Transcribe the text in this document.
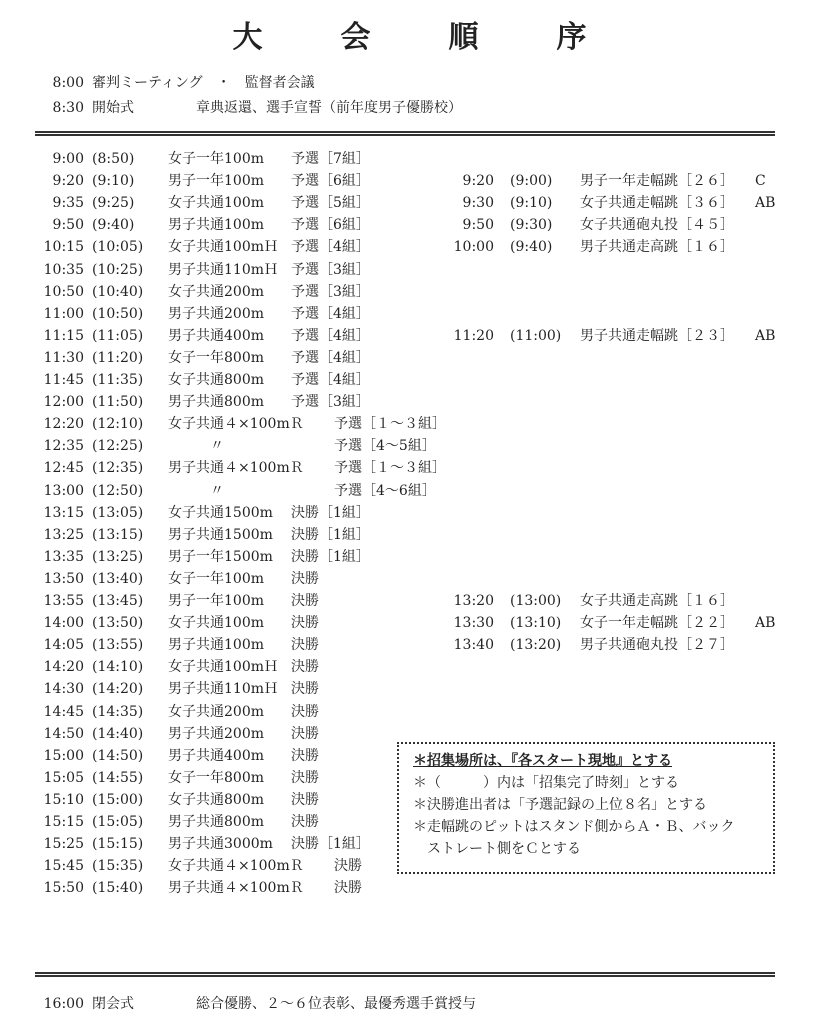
大　会　順　序
8:00 審判ミーティング　・　監督者会議
8:30 開始式	章典返還、選手宣誓（前年度男子優勝校）
9:00 (8:50) 女子一年100m 予選［7組］
9:20 (9:10) 男子一年100m 予選［6組］
9:35 (9:25) 女子共通100m 予選［5組］
9:50 (9:40) 男子共通100m 予選［6組］
10:15 (10:05) 女子共通100mＨ 予選［4組］
10:35 (10:25) 男子共通110mＨ 予選［3組］
10:50 (10:40) 女子共通200m 予選［3組］
11:00 (10:50) 男子共通200m 予選［4組］
11:15 (11:05) 男子共通400m 予選［4組］
11:30 (11:20) 女子一年800m 予選［4組］
11:45 (11:35) 女子共通800m 予選［4組］
12:00 (11:50) 男子共通800m 予選［3組］
12:20 (12:10) 女子共通４×100mＲ 予選［１～３組］
12:35 (12:25) 　　　〃	予選［4～5組］
12:45 (12:35) 男子共通４×100mＲ 予選［１～３組］
13:00 (12:50) 　　　〃	予選［4～6組］
13:15 (13:05) 女子共通1500m 決勝［1組］
13:25 (13:15) 男子共通1500m 決勝［1組］
13:35 (13:25) 男子一年1500m 決勝［1組］
13:50 (13:40) 女子一年100m 決勝
13:55 (13:45) 男子一年100m 決勝
14:00 (13:50) 女子共通100m 決勝
14:05 (13:55) 男子共通100m 決勝
14:20 (14:10) 女子共通100mＨ 決勝
14:30 (14:20) 男子共通110mＨ 決勝
14:45 (14:35) 女子共通200m 決勝
14:50 (14:40) 男子共通200m 決勝
15:00 (14:50) 男子共通400m 決勝
15:05 (14:55) 女子一年800m 決勝
15:10 (15:00) 女子共通800m 決勝
15:15 (15:05) 男子共通800m 決勝
15:25 (15:15) 男子共通3000m 決勝［1組］
15:45 (15:35) 女子共通４×100mＲ 決勝
15:50 (15:40) 男子共通４×100mＲ 決勝
9:20 (9:00) 男子一年走幅跳［２６］ C
9:30 (9:10) 女子共通走幅跳［３６］ AB
9:50 (9:30) 女子共通砲丸投［４５］
10:00 (9:40) 男子共通走高跳［１６］
11:20 (11:00) 男子共通走幅跳［２３］ AB
13:20 (13:00) 女子共通走高跳［１６］
13:30 (13:10) 女子一年走幅跳［２２］ AB
13:40 (13:20) 男子共通砲丸投［２７］
＊招集場所は、『各スタート現地』とする
＊（　　　）内は「招集完了時刻」とする
＊決勝進出者は「予選記録の上位８名」とする
＊走幅跳のピットはスタンド側からＡ・Ｂ、バック
　ストレート側をＣとする
16:00 閉会式	総合優勝、２～６位表彰、最優秀選手賞授与
